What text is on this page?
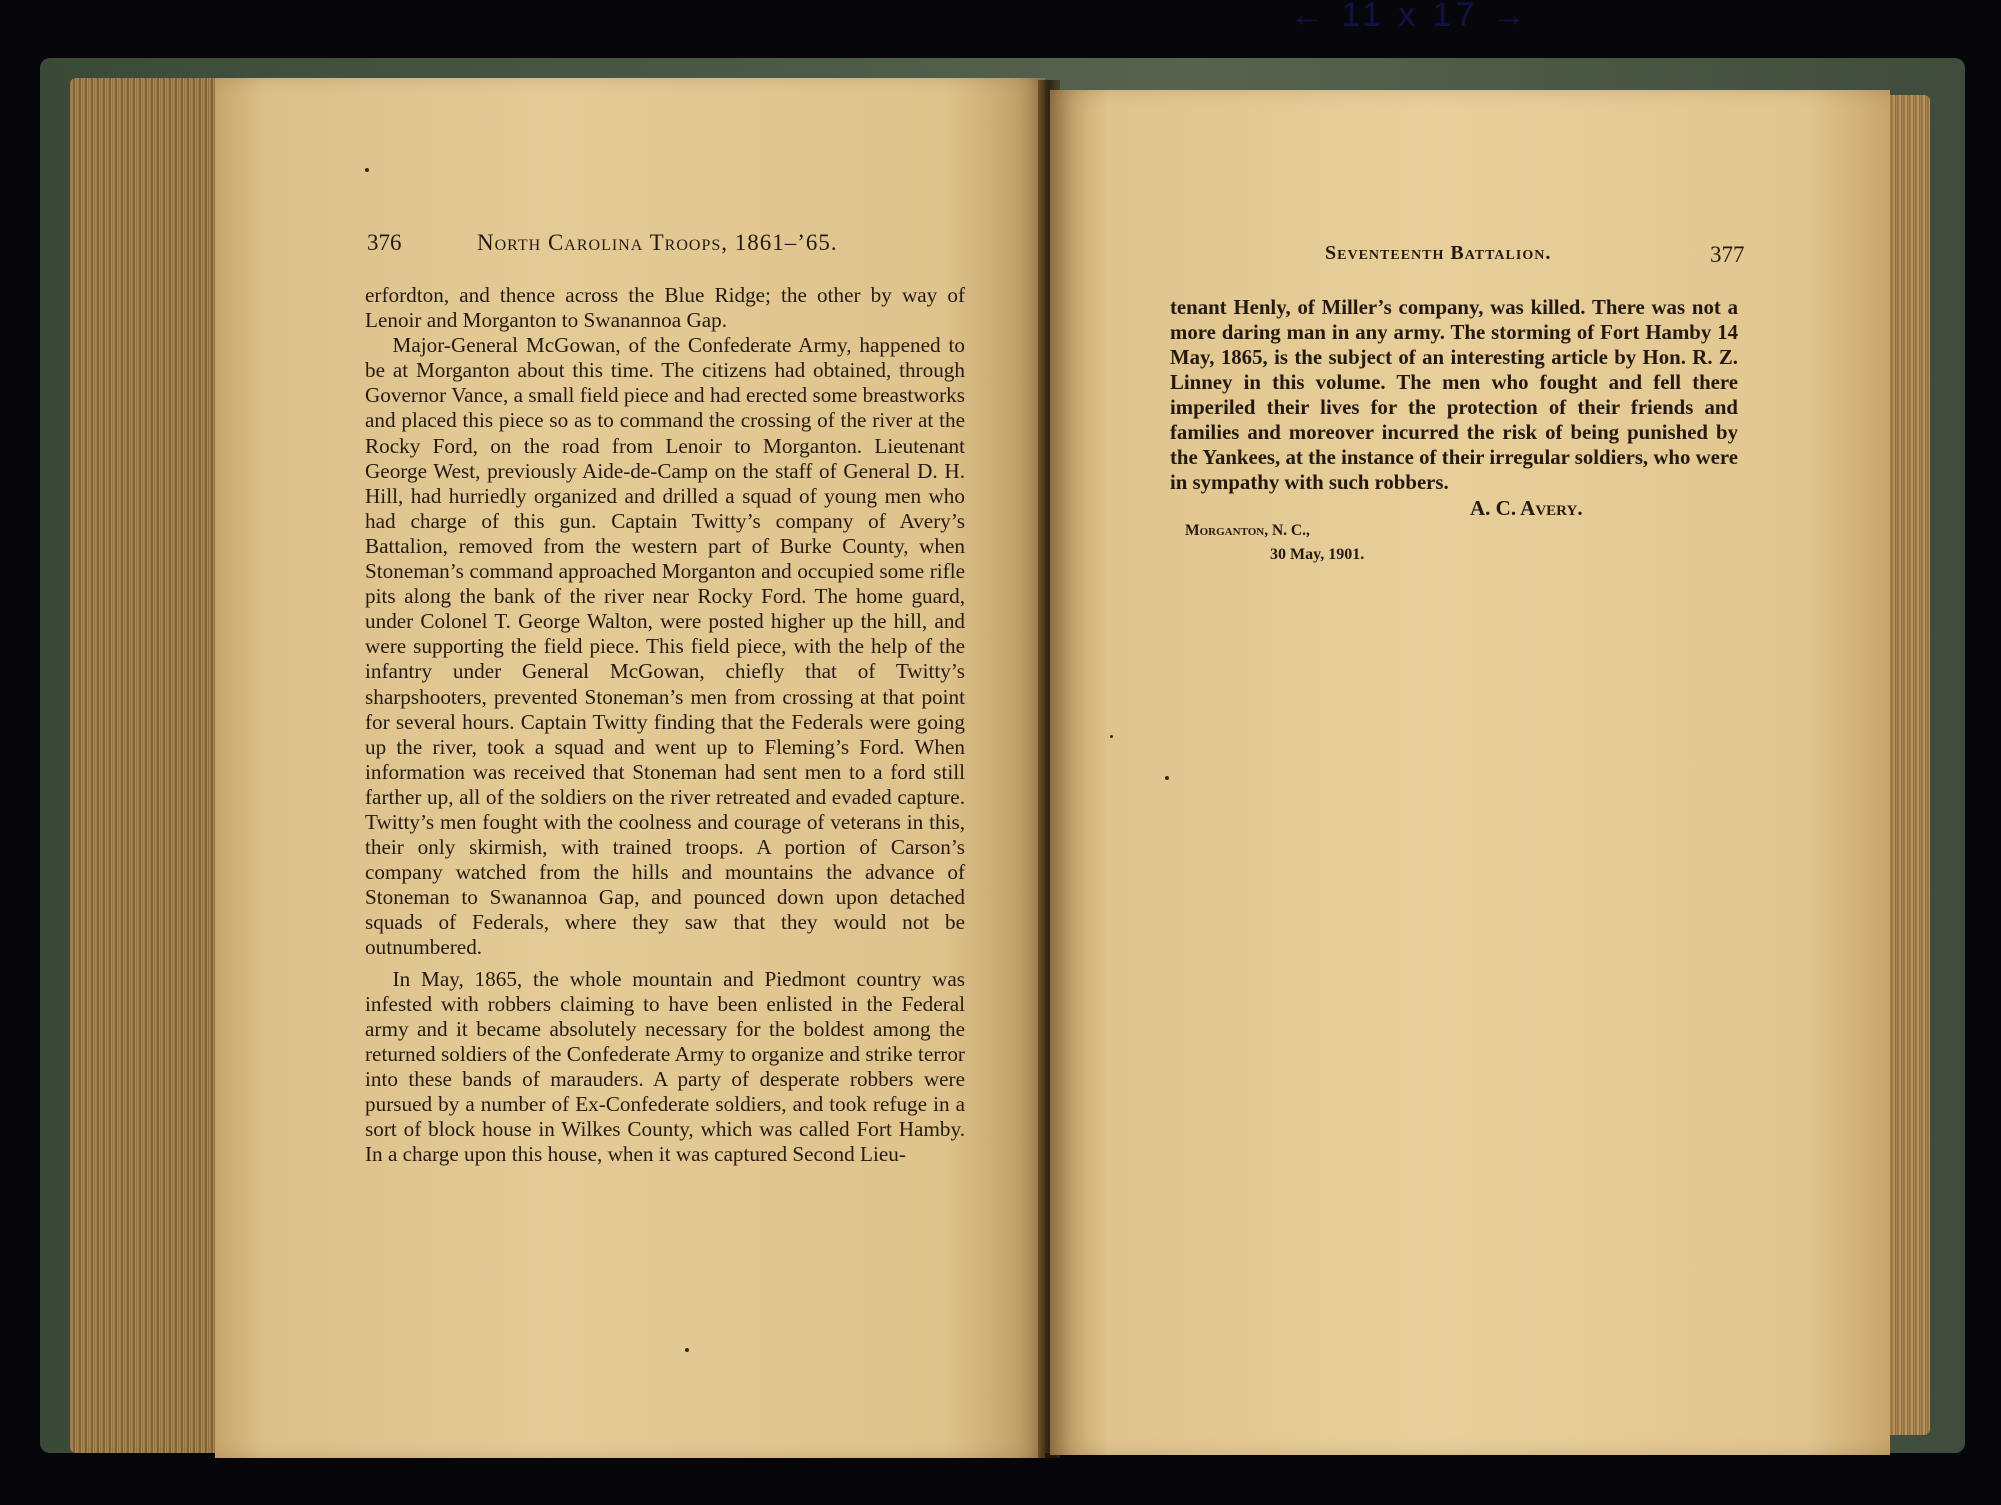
← 11 x 17 →
376	North Carolina Troops, 1861–’65.

erfordton, and thence across the Blue Ridge; the other by way of Lenoir and Morganton to Swanannoa Gap.

Major-General McGowan, of the Confederate Army, happened to be at Morganton about this time. The citizens had obtained, through Governor Vance, a small field piece and had erected some breastworks and placed this piece so as to command the crossing of the river at the Rocky Ford, on the road from Lenoir to Morganton. Lieutenant George West, previously Aide-de-Camp on the staff of General D. H. Hill, had hurriedly organized and drilled a squad of young men who had charge of this gun. Captain Twitty’s company of Avery’s Battalion, removed from the western part of Burke County, when Stoneman’s command approached Morganton and occupied some rifle pits along the bank of the river near Rocky Ford. The home guard, under Colonel T. George Walton, were posted higher up the hill, and were supporting the field piece. This field piece, with the help of the infantry under General McGowan, chiefly that of Twitty’s sharpshooters, prevented Stoneman’s men from crossing at that point for several hours. Captain Twitty finding that the Federals were going up the river, took a squad and went up to Fleming’s Ford. When information was received that Stoneman had sent men to a ford still farther up, all of the soldiers on the river retreated and evaded capture. Twitty’s men fought with the coolness and courage of veterans in this, their only skirmish, with trained troops. A portion of Carson’s company watched from the hills and mountains the advance of Stoneman to Swanannoa Gap, and pounced down upon detached squads of Federals, where they saw that they would not be outnumbered.

In May, 1865, the whole mountain and Piedmont country was infested with robbers claiming to have been enlisted in the Federal army and it became absolutely necessary for the boldest among the returned soldiers of the Confederate Army to organize and strike terror into these bands of marauders. A party of desperate robbers were pursued by a number of Ex-Confederate soldiers, and took refuge in a sort of block house in Wilkes County, which was called Fort Hamby. In a charge upon this house, when it was captured Second Lieu-

Seventeenth Battalion.	377

tenant Henly, of Miller’s company, was killed. There was not a more daring man in any army. The storming of Fort Hamby 14 May, 1865, is the subject of an interesting article by Hon. R. Z. Linney in this volume. The men who fought and fell there imperiled their lives for the protection of their friends and families and moreover incurred the risk of being punished by the Yankees, at the instance of their irregular soldiers, who were in sympathy with such robbers.

A. C. Avery.
Morganton, N. C.,
30 May, 1901.
